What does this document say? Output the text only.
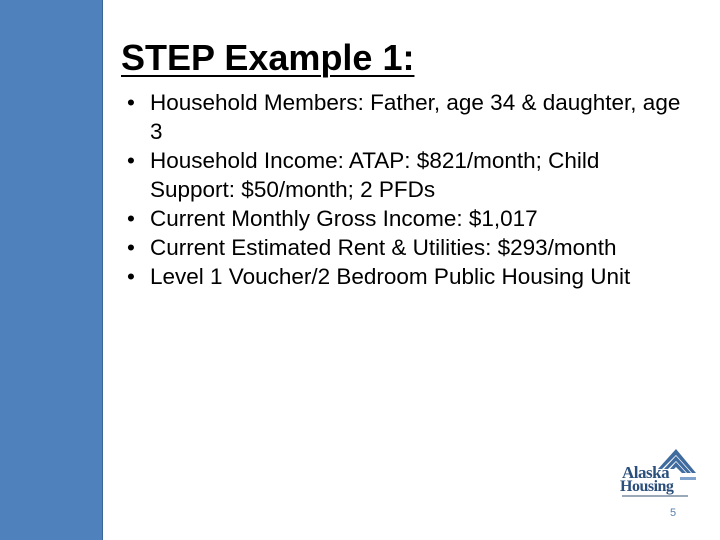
STEP Example 1:
• Household Members: Father, age 34 & daughter, age 3
• Household Income: ATAP: $821/month; Child Support: $50/month; 2 PFDs
• Current Monthly Gross Income: $1,017
• Current Estimated Rent & Utilities: $293/month
• Level 1 Voucher/2 Bedroom Public Housing Unit
Alaska
Housing
5
